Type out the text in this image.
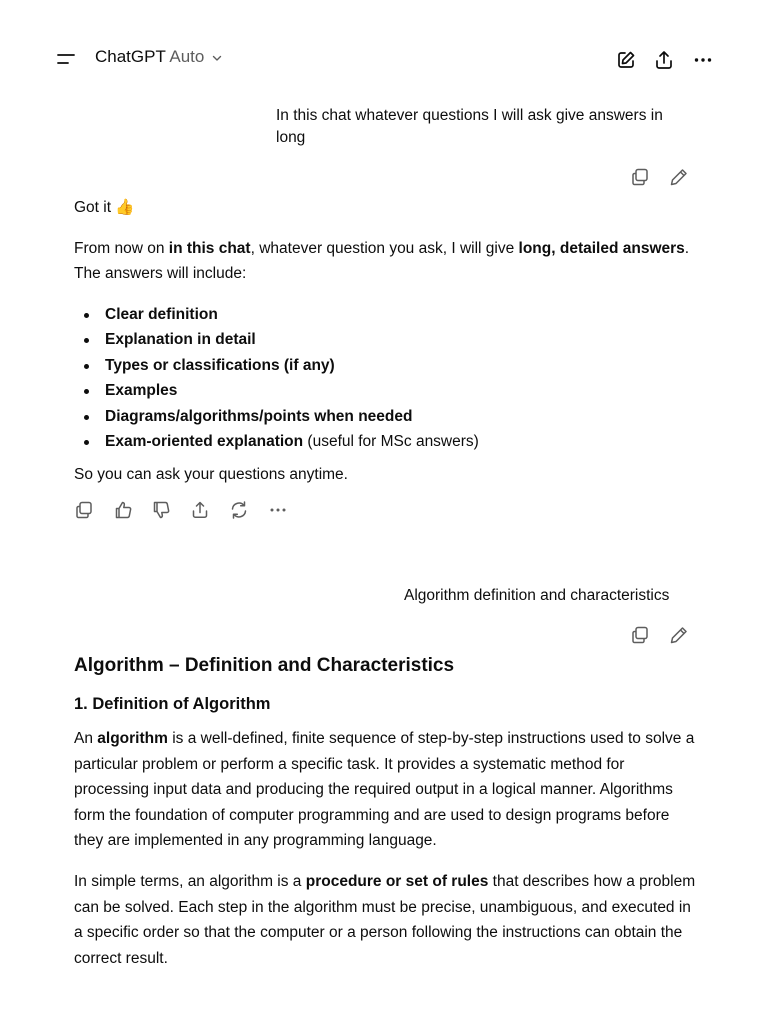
ChatGPT Auto
In this chat whatever questions I will ask give answers in long

Got it 👍

From now on in this chat, whatever question you ask, I will give long, detailed answers. The answers will include:

Clear definition
Explanation in detail
Types or classifications (if any)
Examples
Diagrams/algorithms/points when needed
Exam-oriented explanation (useful for MSc answers)

So you can ask your questions anytime.

Algorithm definition and characteristics
Algorithm – Definition and Characteristics
1. Definition of Algorithm

An algorithm is a well-defined, finite sequence of step-by-step instructions used to solve a particular problem or perform a specific task. It provides a systematic method for processing input data and producing the required output in a logical manner. Algorithms form the foundation of computer programming and are used to design programs before they are implemented in any programming language.

In simple terms, an algorithm is a procedure or set of rules that describes how a problem can be solved. Each step in the algorithm must be precise, unambiguous, and executed in a specific order so that the computer or a person following the instructions can obtain the correct result.
